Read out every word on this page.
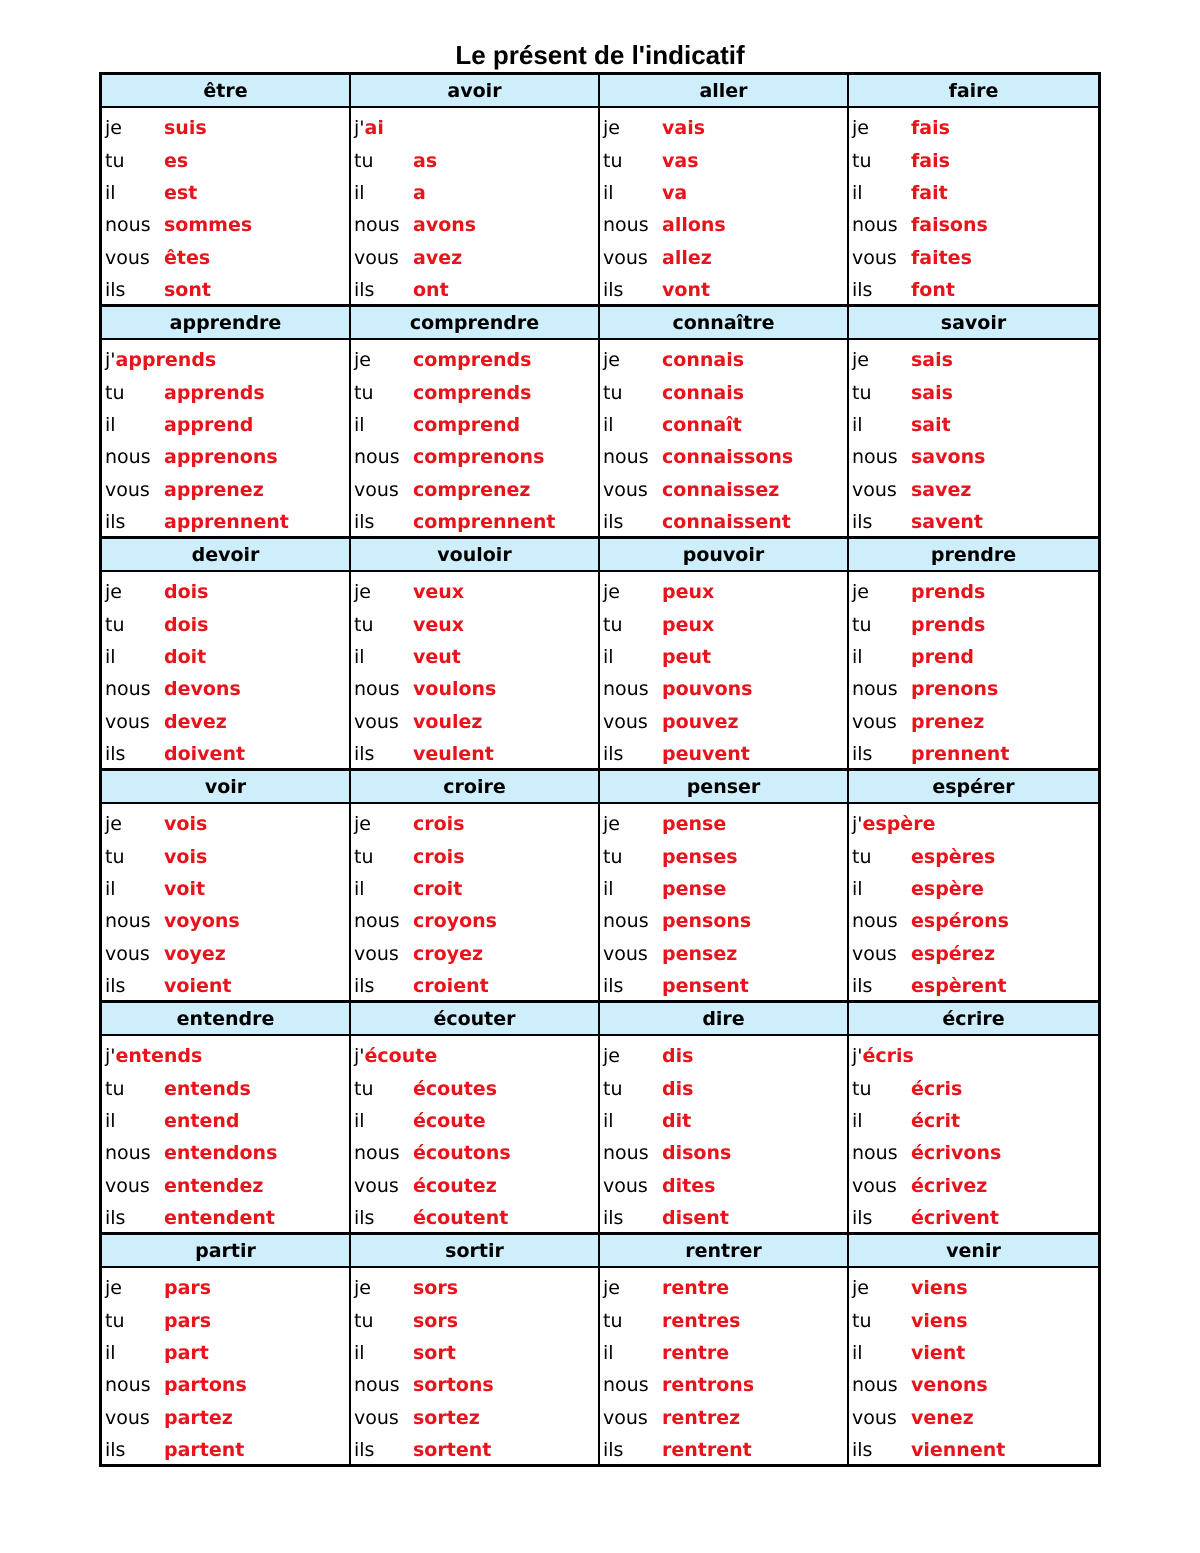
Le présent de l'indicatif
être
je	suis
tu	es
il	est
nous sommes
vous êtes
ils	sont
avoir
j' ai
tu	as
il	a
nous avons
vous avez
ils	ont
aller
je	vais
tu	vas
il	va
nous allons
vous allez
ils	vont
faire
je	fais
tu	fais
il	fait
nous faisons
vous faites
ils	font
apprendre
j' apprends
tu	apprends
il	apprend
nous apprenons
vous apprenez
ils	apprennent
comprendre
je	comprends
tu	comprends
il	comprend
nous comprenons
vous comprenez
ils	comprennent
connaître
je	connais
tu	connais
il	connaît
nous connaissons
vous connaissez
ils	connaissent
savoir
je	sais
tu	sais
il	sait
nous savons
vous savez
ils	savent
devoir
je	dois
tu	dois
il	doit
nous devons
vous devez
ils	doivent
vouloir
je	veux
tu	veux
il	veut
nous voulons
vous voulez
ils	veulent
pouvoir
je	peux
tu	peux
il	peut
nous pouvons
vous pouvez
ils	peuvent
prendre
je	prends
tu	prends
il	prend
nous prenons
vous prenez
ils	prennent
voir
je	vois
tu	vois
il	voit
nous voyons
vous voyez
ils	voient
croire
je	crois
tu	crois
il	croit
nous croyons
vous croyez
ils	croient
penser
je	pense
tu	penses
il	pense
nous pensons
vous pensez
ils	pensent
espérer
j' espère
tu	espères
il	espère
nous espérons
vous espérez
ils	espèrent
entendre
j' entends
tu	entends
il	entend
nous entendons
vous entendez
ils	entendent
écouter
j' écoute
tu	écoutes
il	écoute
nous écoutons
vous écoutez
ils	écoutent
dire
je	dis
tu	dis
il	dit
nous disons
vous dites
ils	disent
écrire
j' écris
tu	écris
il	écrit
nous écrivons
vous écrivez
ils	écrivent
partir
je	pars
tu	pars
il	part
nous partons
vous partez
ils	partent
sortir
je	sors
tu	sors
il	sort
nous sortons
vous sortez
ils	sortent
rentrer
je	rentre
tu	rentres
il	rentre
nous rentrons
vous rentrez
ils	rentrent
venir
je	viens
tu	viens
il	vient
nous venons
vous venez
ils	viennent
